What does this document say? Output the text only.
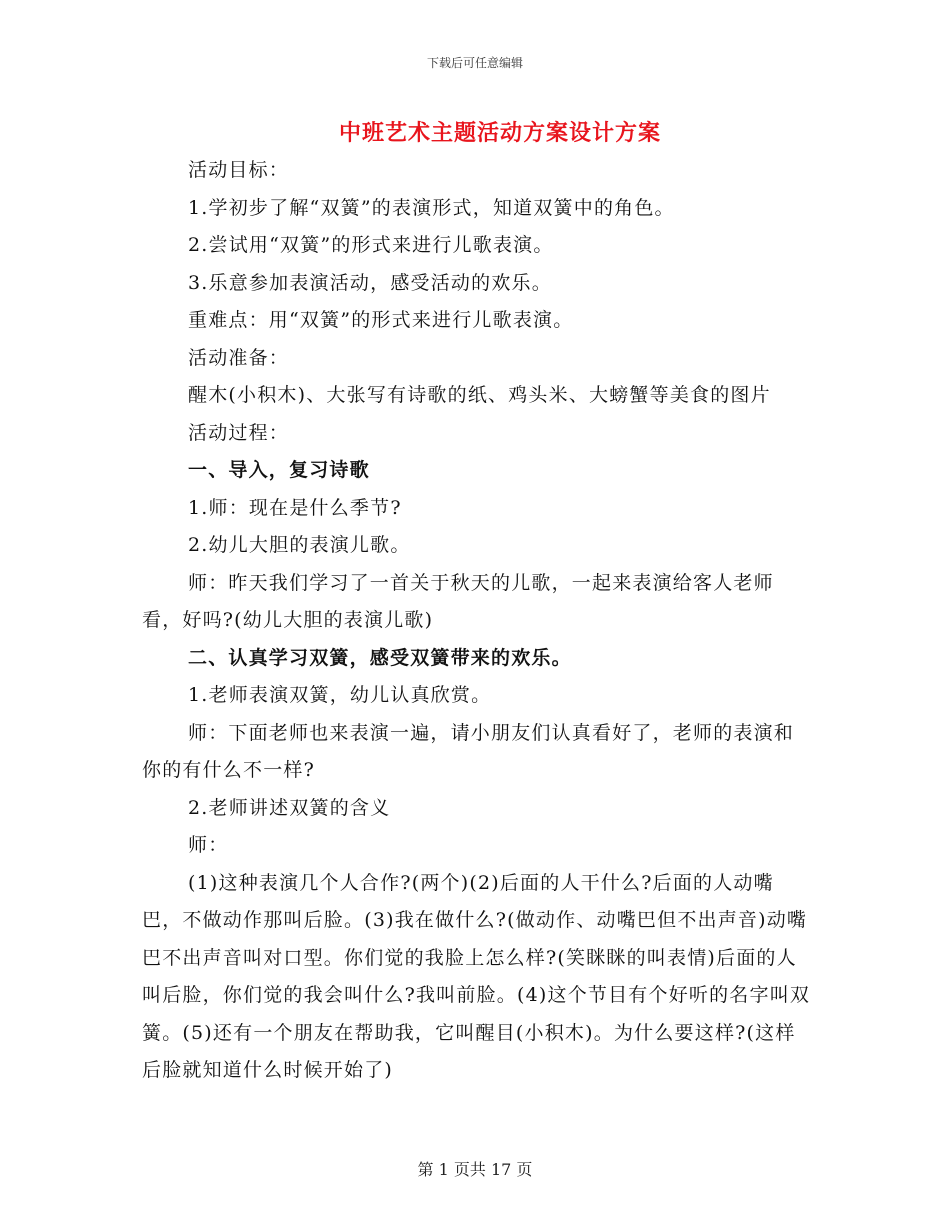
下载后可任意编辑
中班艺术主题活动方案设计方案

活动目标：

1.学初步了解“双簧”的表演形式，知道双簧中的角色。

2.尝试用“双簧”的形式来进行儿歌表演。

3.乐意参加表演活动，感受活动的欢乐。

重难点：用“双簧”的形式来进行儿歌表演。

活动准备：

醒木(小积木)、大张写有诗歌的纸、鸡头米、大螃蟹等美食的图片

活动过程：

一、导入，复习诗歌

1.师：现在是什么季节?

2.幼儿大胆的表演儿歌。

师：昨天我们学习了一首关于秋天的儿歌，一起来表演给客人老师看，好吗?(幼儿大胆的表演儿歌)

二、认真学习双簧，感受双簧带来的欢乐。

1.老师表演双簧，幼儿认真欣赏。

师：下面老师也来表演一遍，请小朋友们认真看好了，老师的表演和你的有什么不一样?

2.老师讲述双簧的含义

师：

(1)这种表演几个人合作?(两个)(2)后面的人干什么?后面的人动嘴巴，不做动作那叫后脸。(3)我在做什么?(做动作、动嘴巴但不出声音)动嘴巴不出声音叫对口型。你们觉的我脸上怎么样?(笑眯眯的叫表情)后面的人叫后脸，你们觉的我会叫什么?我叫前脸。(4)这个节目有个好听的名字叫双簧。(5)还有一个朋友在帮助我，它叫醒目(小积木)。为什么要这样?(这样后脸就知道什么时候开始了)

第 1 页共 17 页
